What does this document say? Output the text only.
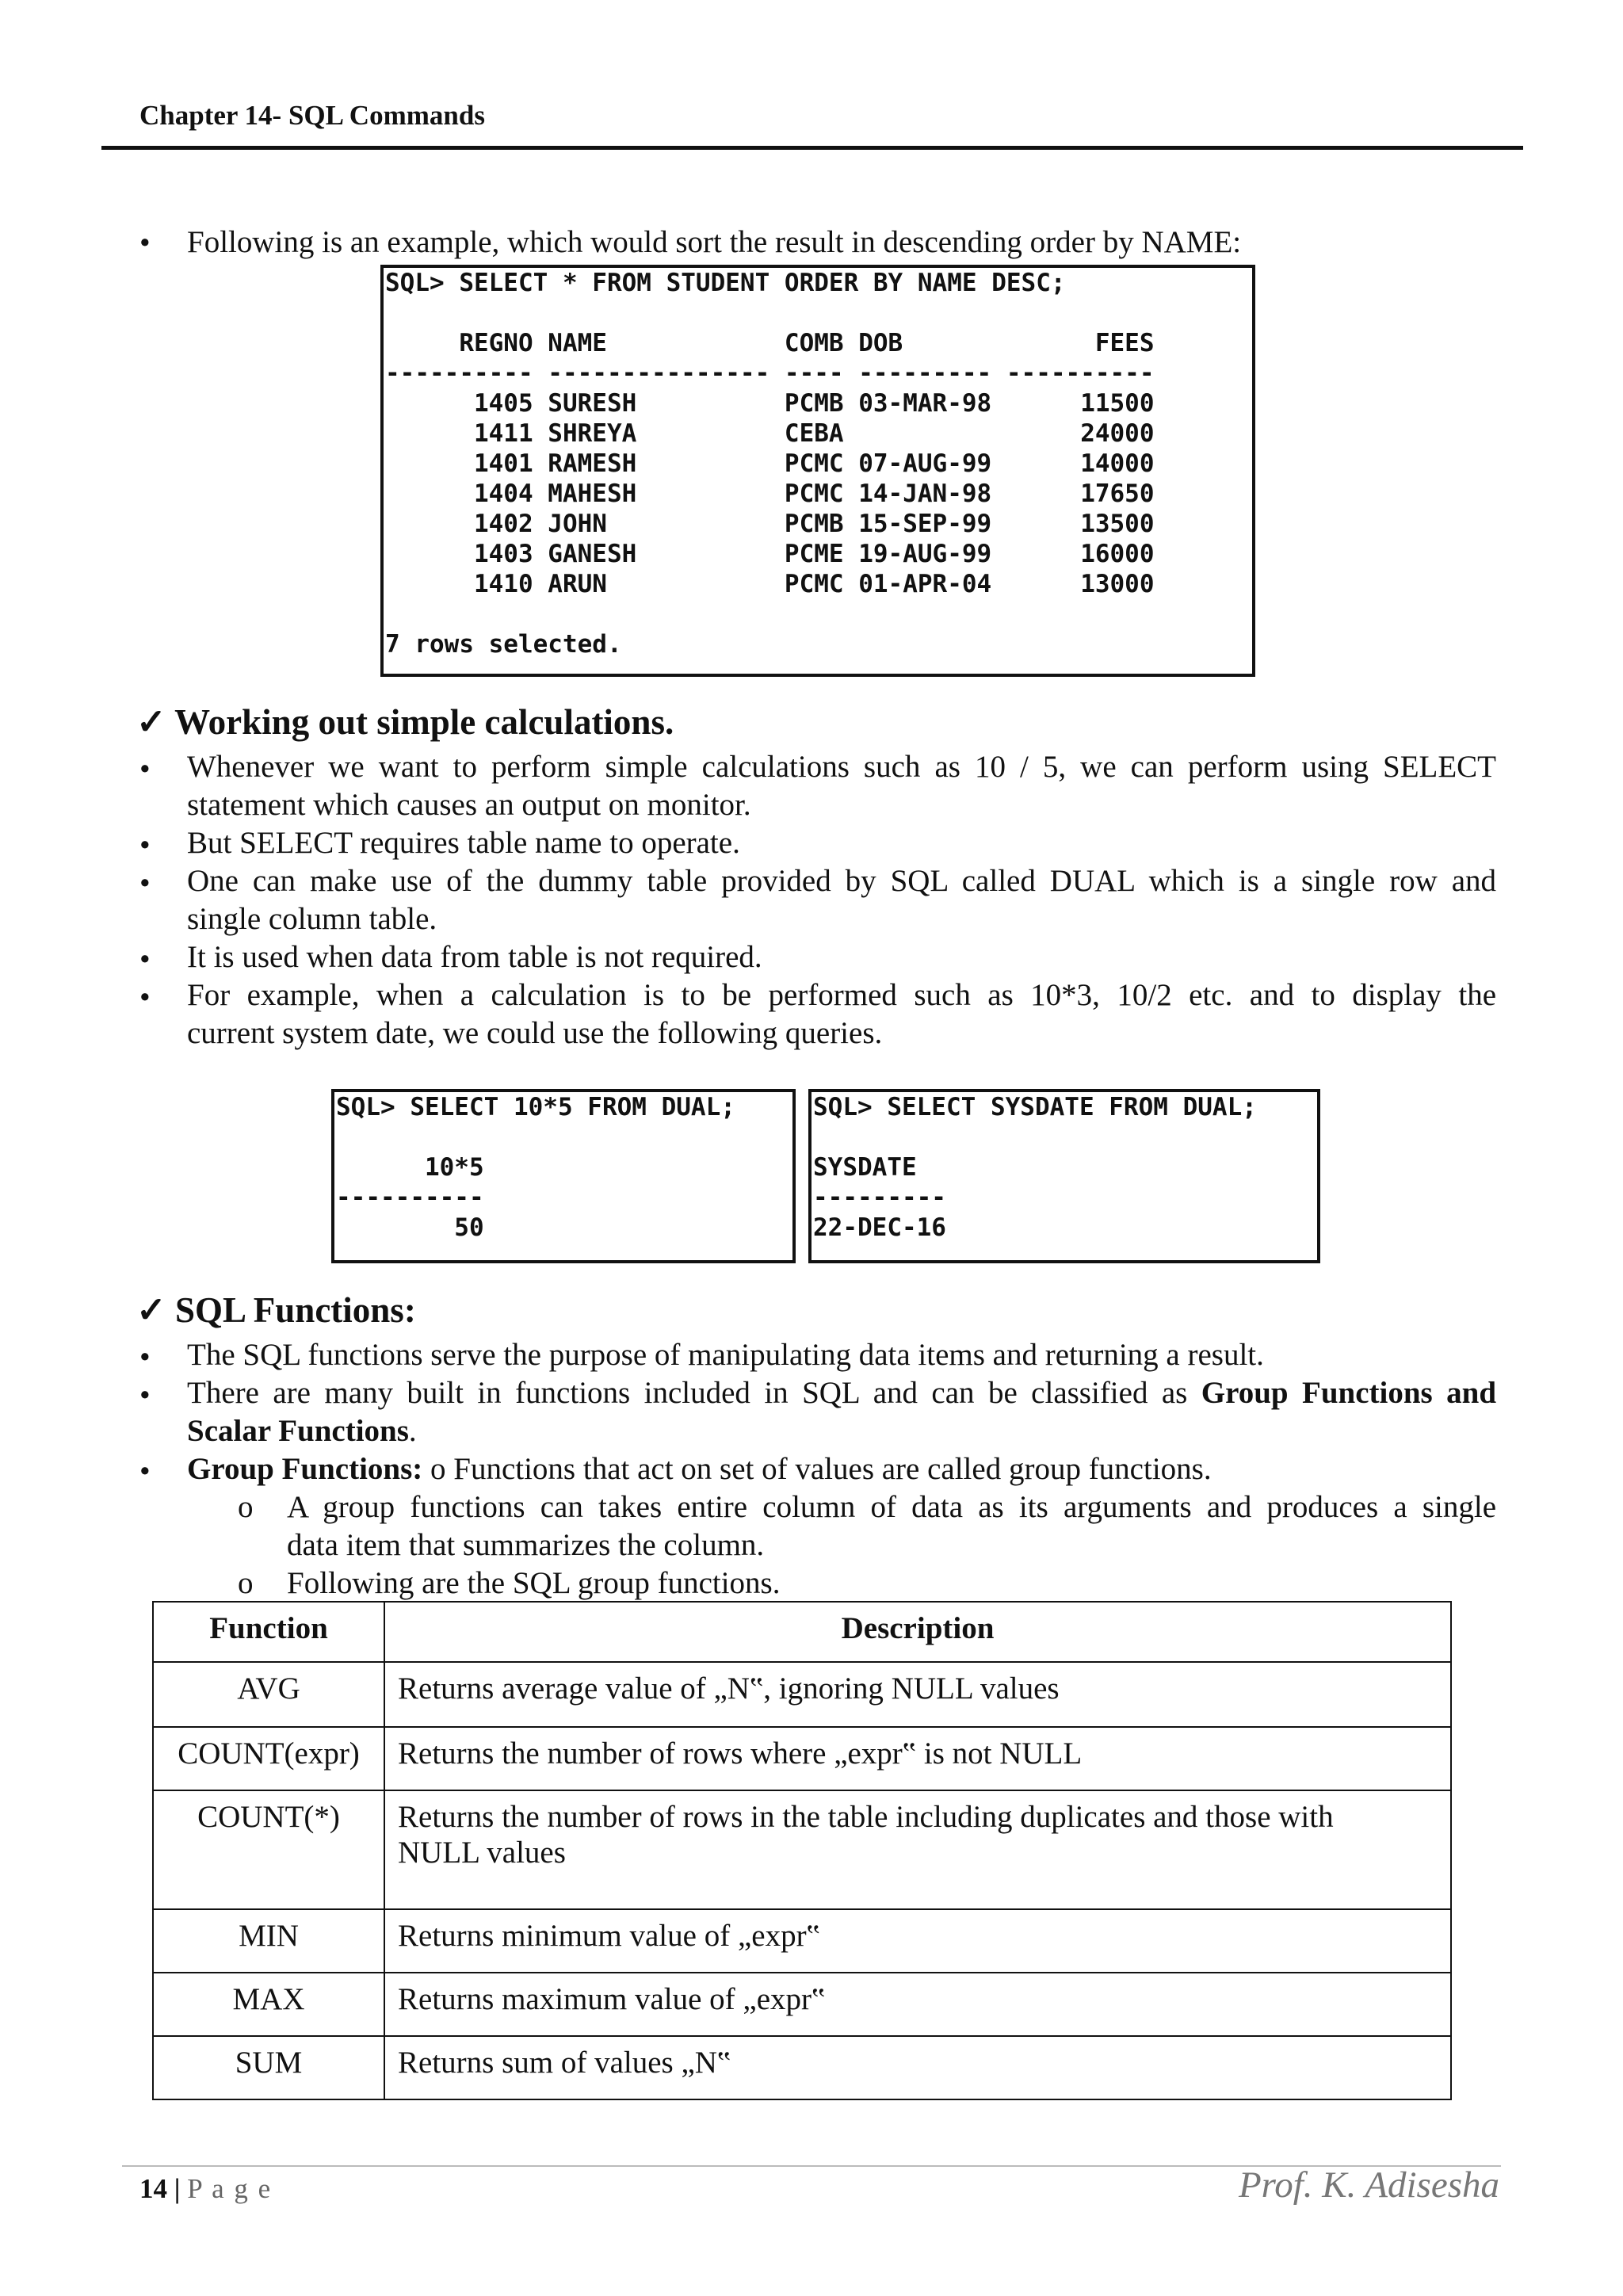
Chapter 14- SQL Commands
• Following is an example, which would sort the result in descending order by NAME:

SQL> SELECT * FROM STUDENT ORDER BY NAME DESC;

REGNO NAME            COMB DOB             FEES

---------- --------------- ---- --------- ----------

1405 SURESH          PCMB 03-MAR-98      11500

1411 SHREYA          CEBA                24000

1401 RAMESH          PCMC 07-AUG-99      14000

1404 MAHESH          PCMC 14-JAN-98      17650

1402 JOHN            PCMB 15-SEP-99      13500

1403 GANESH          PCME 19-AUG-99      16000

1410 ARUN            PCMC 01-APR-04      13000

7 rows selected.

✓ Working out simple calculations.
• Whenever we want to perform simple calculations such as 10 / 5, we can perform using SELECT
statement which causes an output on monitor.
• But SELECT requires table name to operate.
• One can make use of the dummy table provided by SQL called DUAL which is a single row and
single column table.
• It is used when data from table is not required.
• For example, when a calculation is to be performed such as 10*3, 10/2 etc. and to display the
current system date, we could use the following queries.

SQL> SELECT 10*5 FROM DUAL;

10*5

----------

50

SQL> SELECT SYSDATE FROM DUAL;

SYSDATE

---------

22-DEC-16

✓ SQL Functions:
• The SQL functions serve the purpose of manipulating data items and returning a result.
• There are many built in functions included in SQL and can be classified as Group Functions and
Scalar Functions.
• Group Functions: o Functions that act on set of values are called group functions.
o A group functions can takes entire column of data as its arguments and produces a single
data item that summarizes the column.
o Following are the SQL group functions.
Function	Description
AVG	Returns average value of „N‟, ignoring NULL values
COUNT(expr)	Returns the number of rows where „expr‟ is not NULL
COUNT(*)	Returns the number of rows in the table including duplicates and those with
NULL values

MIN	Returns minimum value of „expr‟
MAX	Returns maximum value of „expr‟
SUM	Returns sum of values „N‟
14 | P a g e	Prof. K. Adisesha
